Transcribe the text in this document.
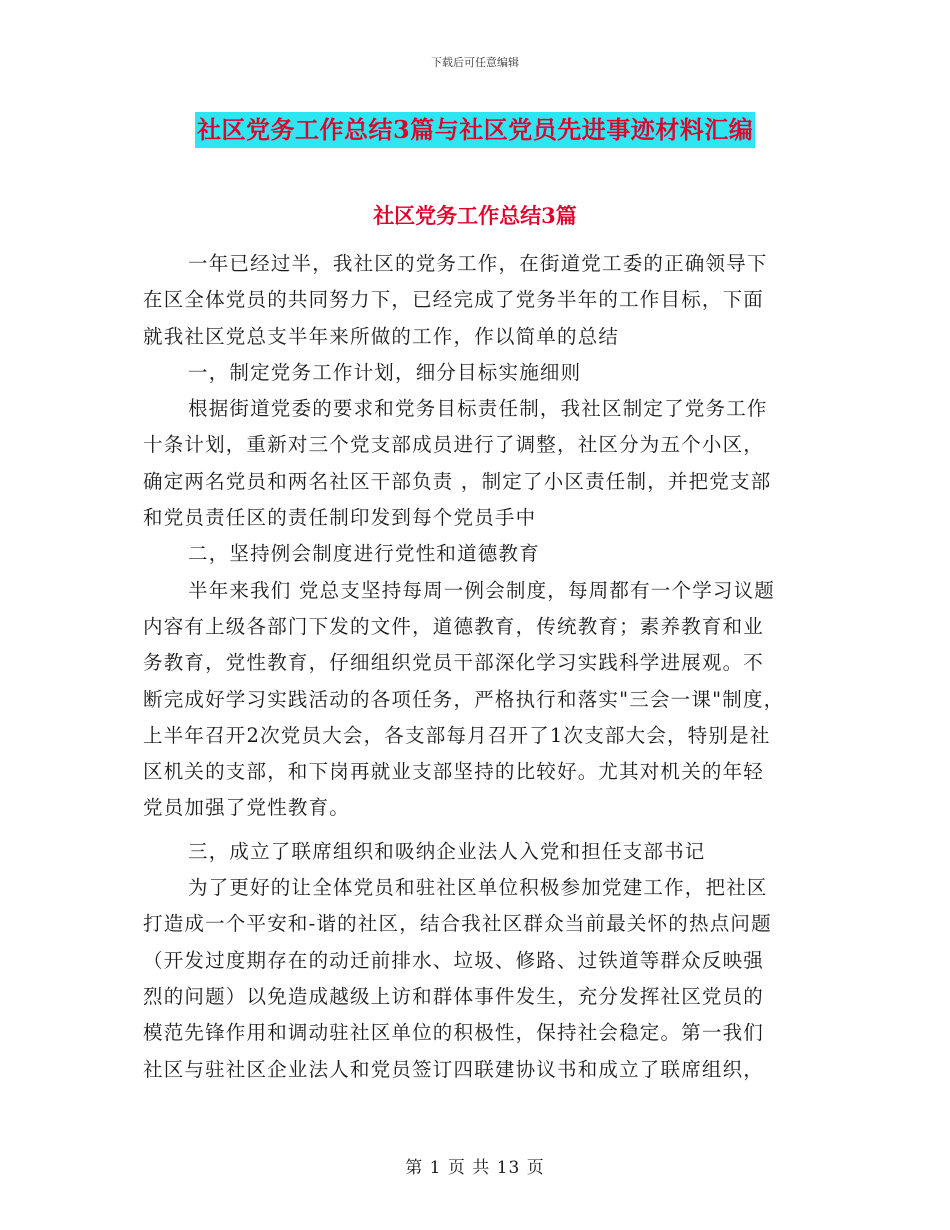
下载后可任意编辑
社区党务工作总结3篇与社区党员先进事迹材料汇编
社区党务工作总结3篇
一年已经过半，我社区的党务工作，在街道党工委的正确领导下
在区全体党员的共同努力下，已经完成了党务半年的工作目标，下面
就我社区党总支半年来所做的工作，作以简单的总结
一，制定党务工作计划，细分目标实施细则
根据街道党委的要求和党务目标责任制，我社区制定了党务工作
十条计划，重新对三个党支部成员进行了调整，社区分为五个小区，
确定两名党员和两名社区干部负责 ，制定了小区责任制，并把党支部
和党员责任区的责任制印发到每个党员手中
二，坚持例会制度进行党性和道德教育
半年来我们 党总支坚持每周一例会制度，每周都有一个学习议题
内容有上级各部门下发的文件，道德教育，传统教育；素养教育和业
务教育，党性教育，仔细组织党员干部深化学习实践科学进展观。不
断完成好学习实践活动的各项任务，严格执行和落实"三会一课"制度，
上半年召开2次党员大会，各支部每月召开了1次支部大会，特别是社
区机关的支部，和下岗再就业支部坚持的比较好。尤其对机关的年轻
党员加强了党性教育。
三，成立了联席组织和吸纳企业法人入党和担任支部书记
为了更好的让全体党员和驻社区单位积极参加党建工作，把社区
打造成一个平安和-谐的社区，结合我社区群众当前最关怀的热点问题
（开发过度期存在的动迁前排水、垃圾、修路、过铁道等群众反映强
烈的问题）以免造成越级上访和群体事件发生，充分发挥社区党员的
模范先锋作用和调动驻社区单位的积极性，保持社会稳定。第一我们
社区与驻社区企业法人和党员签订四联建协议书和成立了联席组织，
第 1 页 共 13 页
